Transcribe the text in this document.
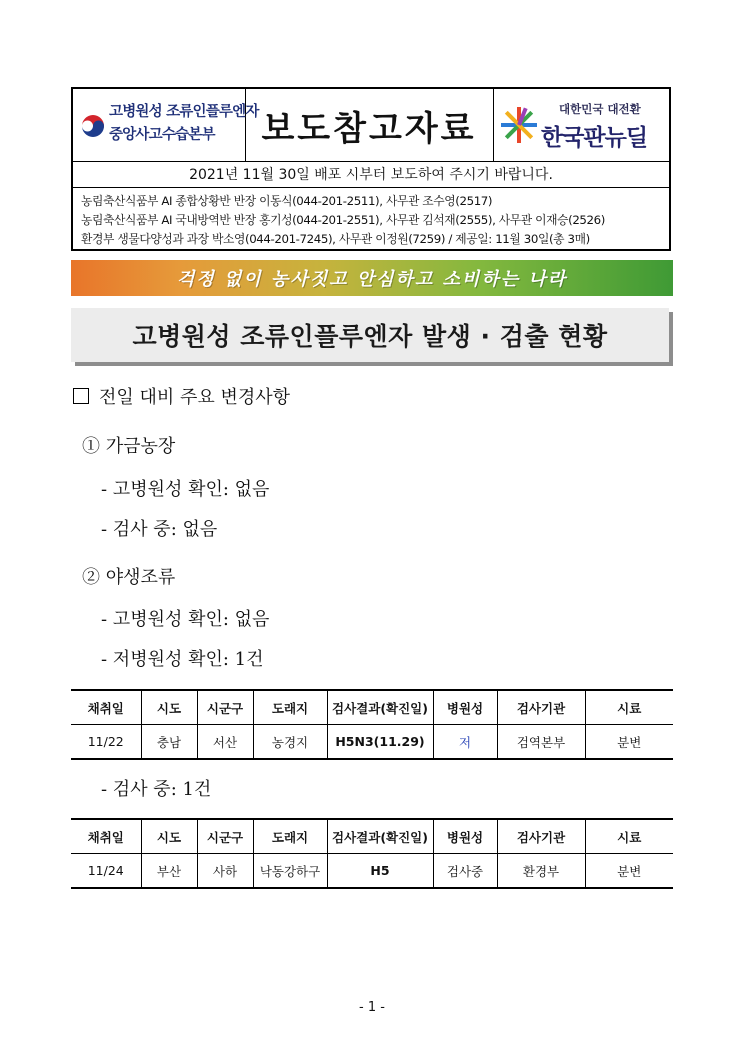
고병원성 조류인플루엔자
중앙사고수습본부	보도참고자료	대한민국 대전환
한국판뉴딜
2021년 11월 30일 배포 시부터 보도하여 주시기 바랍니다.
농림축산식품부 AI 종합상황반 반장 이동식(044-201-2511), 사무관 조수영(2517)
농림축산식품부 AI 국내방역반 반장 홍기성(044-201-2551), 사무관 김석재(2555), 사무관 이재승(2526)
환경부 생물다양성과 과장 박소영(044-201-7245), 사무관 이정원(7259) / 제공일: 11월 30일(총 3매)
걱정 없이 농사짓고 안심하고 소비하는 나라
고병원성 조류인플루엔자 발생 · 검출 현황
전일 대비 주요 변경사항
① 가금농장
- 고병원성 확인: 없음
- 검사 중: 없음
② 야생조류
- 고병원성 확인: 없음
- 저병원성 확인: 1건
채취일	시도	시군구	도래지	검사결과(확진일)	병원성	검사기관	시료
11/22	충남	서산	농경지	H5N3(11.29)	저	검역본부	분변
- 검사 중: 1건
채취일	시도	시군구	도래지	검사결과(확진일)	병원성	검사기관	시료
11/24	부산	사하	낙동강하구	H5	검사중	환경부	분변
- 1 -
